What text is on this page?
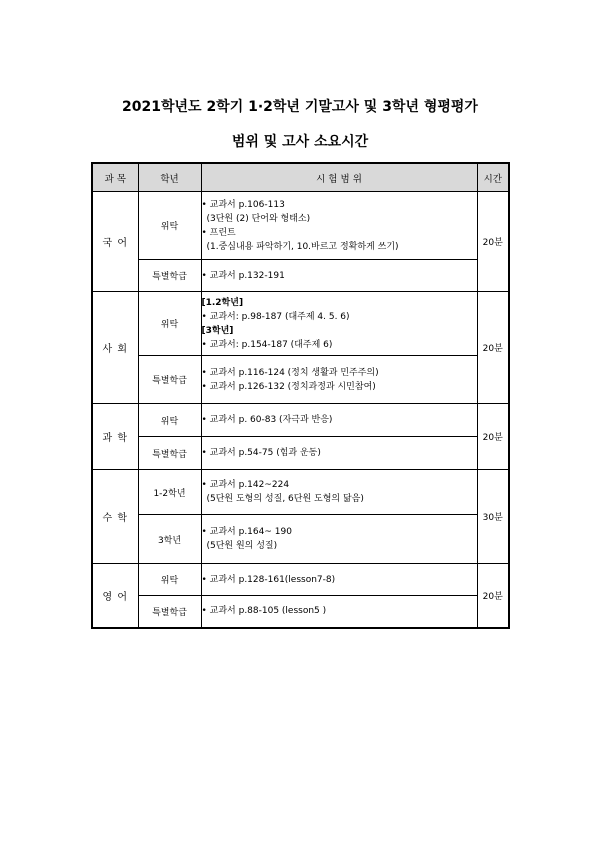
2021학년도 2학기 1·2학년 기말고사 및 3학년 형평평가
범위 및 고사 소요시간
과 목	학년	시 험 범 위	시간
국 어	위탁	• 교과서 p.106-113
(3단원 (2) 단어와 형태소)
• 프린트
(1.중심내용 파악하기, 10.바르고 정확하게 쓰기)	20분
	특별학급	• 교과서 p.132-191	

사 회	위탁	[1.2학년]
• 교과서: p.98-187 (대주제 4. 5. 6)
[3학년]
• 교과서: p.154-187 (대주제 6)	20분
	특별학급	• 교과서 p.116-124 (정치 생활과 민주주의)
• 교과서 p.126-132 (정치과정과 시민참여)	

과 학	위탁	• 교과서 p. 60-83 (자극과 반응)	20분
	특별학급	• 교과서 p.54-75 (힘과 운동)	

수 학	1-2학년	• 교과서 p.142~224
(5단원 도형의 성질, 6단원 도형의 닮음)	30분
	3학년	• 교과서 p.164~ 190
(5단원 원의 성질)	

영 어	위탁	• 교과서 p.128-161(lesson7-8)	20분
	특별학급	• 교과서 p.88-105 (lesson5 )	
